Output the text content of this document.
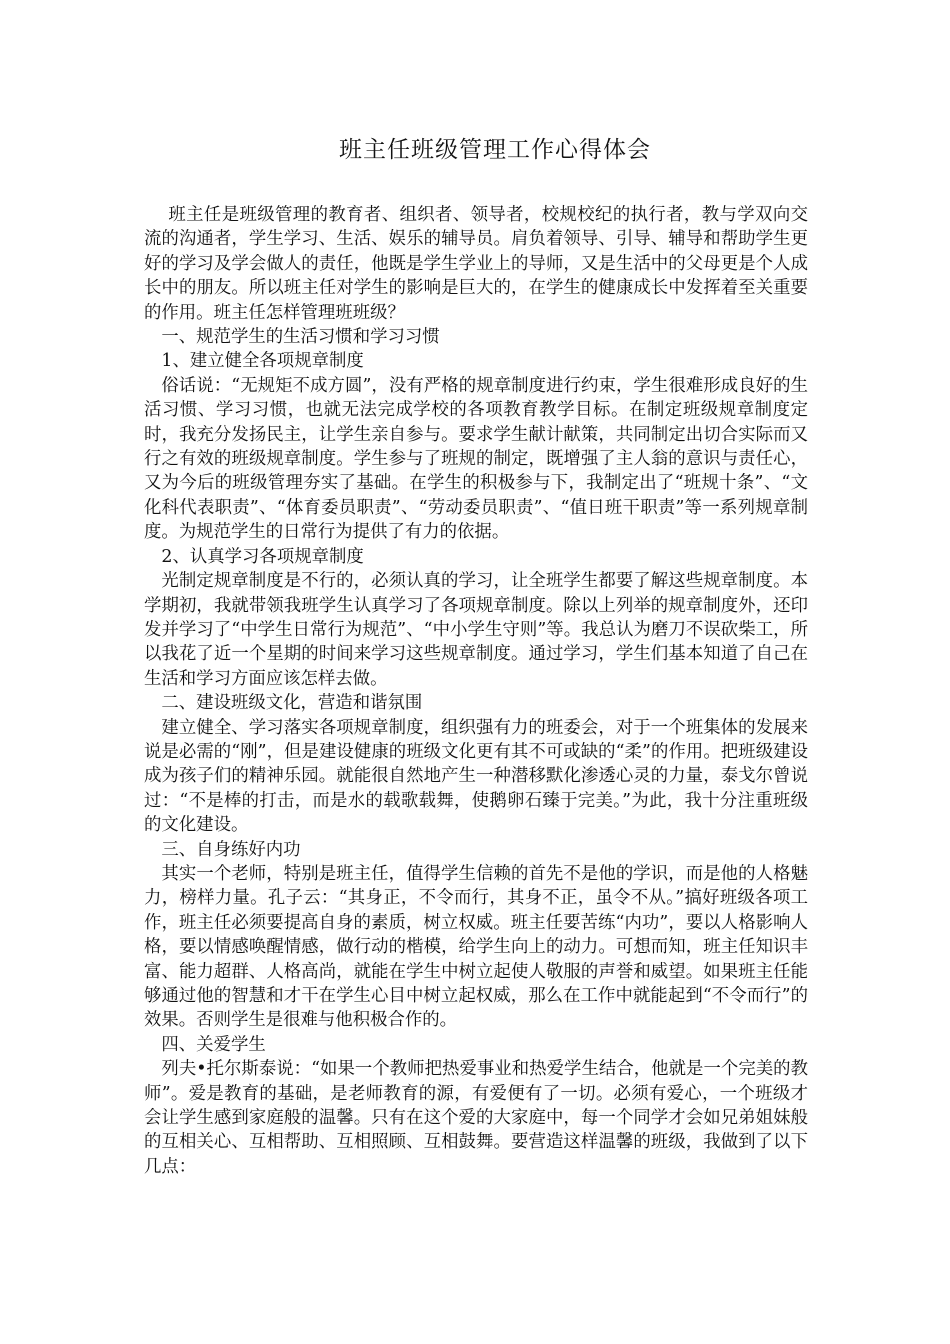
班主任班级管理工作心得体会

班主任是班级管理的教育者、组织者、领导者，校规校纪的执行者，教与学双向交流的沟通者，学生学习、生活、娱乐的辅导员。肩负着领导、引导、辅导和帮助学生更好的学习及学会做人的责任，他既是学生学业上的导师，又是生活中的父母更是个人成长中的朋友。所以班主任对学生的影响是巨大的，在学生的健康成长中发挥着至关重要的作用。班主任怎样管理班班级？

一、规范学生的生活习惯和学习习惯

1、建立健全各项规章制度

俗话说：“无规矩不成方圆”，没有严格的规章制度进行约束，学生很难形成良好的生活习惯、学习习惯，也就无法完成学校的各项教育教学目标。在制定班级规章制度定时，我充分发扬民主，让学生亲自参与。要求学生献计献策，共同制定出切合实际而又行之有效的班级规章制度。学生参与了班规的制定，既增强了主人翁的意识与责任心，又为今后的班级管理夯实了基础。在学生的积极参与下，我制定出了“班规十条”、“文化科代表职责”、“体育委员职责”、“劳动委员职责”、“值日班干职责”等一系列规章制度。为规范学生的日常行为提供了有力的依据。

2、认真学习各项规章制度

光制定规章制度是不行的，必须认真的学习，让全班学生都要了解这些规章制度。本学期初，我就带领我班学生认真学习了各项规章制度。除以上列举的规章制度外，还印发并学习了“中学生日常行为规范”、“中小学生守则”等。我总认为磨刀不误砍柴工，所以我花了近一个星期的时间来学习这些规章制度。通过学习，学生们基本知道了自己在生活和学习方面应该怎样去做。

二、建设班级文化，营造和谐氛围

建立健全、学习落实各项规章制度，组织强有力的班委会，对于一个班集体的发展来说是必需的“刚”，但是建设健康的班级文化更有其不可或缺的“柔”的作用。把班级建设成为孩子们的精神乐园。就能很自然地产生一种潜移默化渗透心灵的力量，泰戈尔曾说过：“不是棒的打击，而是水的载歌载舞，使鹅卵石臻于完美。”为此，我十分注重班级的文化建设。

三、自身练好内功

其实一个老师，特别是班主任，值得学生信赖的首先不是他的学识，而是他的人格魅力，榜样力量。孔子云：“其身正，不令而行，其身不正，虽令不从。”搞好班级各项工作，班主任必须要提高自身的素质，树立权威。班主任要苦练“内功”，要以人格影响人格，要以情感唤醒情感，做行动的楷模，给学生向上的动力。可想而知，班主任知识丰富、能力超群、人格高尚，就能在学生中树立起使人敬服的声誉和威望。如果班主任能够通过他的智慧和才干在学生心目中树立起权威，那么在工作中就能起到“不令而行”的效果。否则学生是很难与他积极合作的。

四、关爱学生

列夫•托尔斯泰说：“如果一个教师把热爱事业和热爱学生结合，他就是一个完美的教师”。爱是教育的基础，是老师教育的源，有爱便有了一切。必须有爱心，一个班级才会让学生感到家庭般的温馨。只有在这个爱的大家庭中，每一个同学才会如兄弟姐妹般的互相关心、互相帮助、互相照顾、互相鼓舞。要营造这样温馨的班级，我做到了以下几点：
